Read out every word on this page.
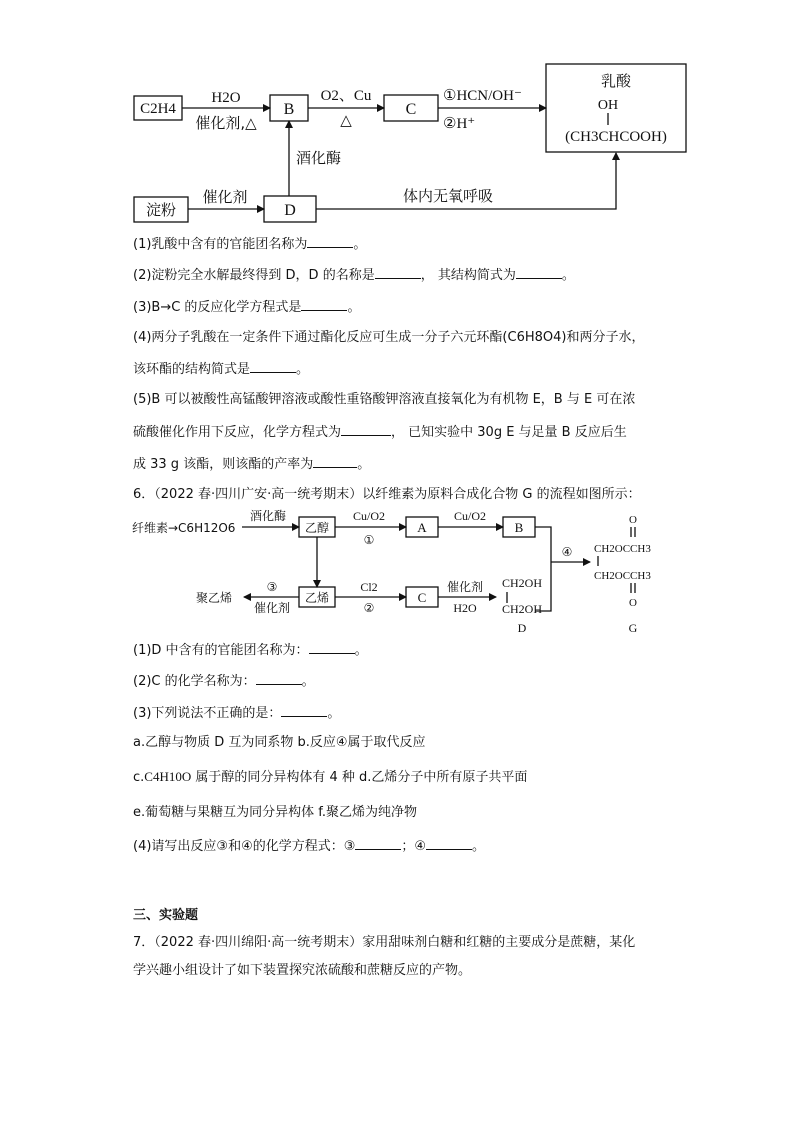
C2H4
H2O
催化剂,△
B
O2、Cu
△
C
①HCN/OH⁻
②H⁺
乳酸
OH
(CH3CHCOOH)
酒化酶
淀粉
催化剂
D
体内无氧呼吸
纤维素→C6H12O6
酒化酶
乙醇
Cu/O2
①
A
Cu/O2
B
④
O
CH2OCCH3
CH2OCCH3
O
G
乙烯
③
催化剂
聚乙烯
Cl2
②
C
催化剂
H2O
CH2OH
CH2OH
D
(1)乳酸中含有的官能团名称为	。
(2)淀粉完全水解最终得到 D，D 的名称是	， 其结构简式为	。
(3)B→C 的反应化学方程式是	。
(4)两分子乳酸在一定条件下通过酯化反应可生成一分子六元环酯(C6H8O4)和两分子水，
该环酯的结构简式是	。
(5)B 可以被酸性高锰酸钾溶液或酸性重铬酸钾溶液直接氧化为有机物 E，B 与 E 可在浓
硫酸催化作用下反应，化学方程式为	， 已知实验中 30g E 与足量 B 反应后生
成 33 g 该酯，则该酯的产率为	。
6．（2022 春·四川广安·高一统考期末）以纤维素为原料合成化合物 G 的流程如图所示：
(1)D 中含有的官能团名称为：	。
(2)C 的化学名称为：	。
(3)下列说法不正确的是：	。
a.乙醇与物质 D 互为同系物 b.反应④属于取代反应
c.C4H10O 属于醇的同分异构体有 4 种 d.乙烯分子中所有原子共平面
e.葡萄糖与果糖互为同分异构体 f.聚乙烯为纯净物
(4)请写出反应③和④的化学方程式：③	；④	。
三、实验题
7．（2022 春·四川绵阳·高一统考期末）家用甜味剂白糖和红糖的主要成分是蔗糖，某化
学兴趣小组设计了如下装置探究浓硫酸和蔗糖反应的产物。
